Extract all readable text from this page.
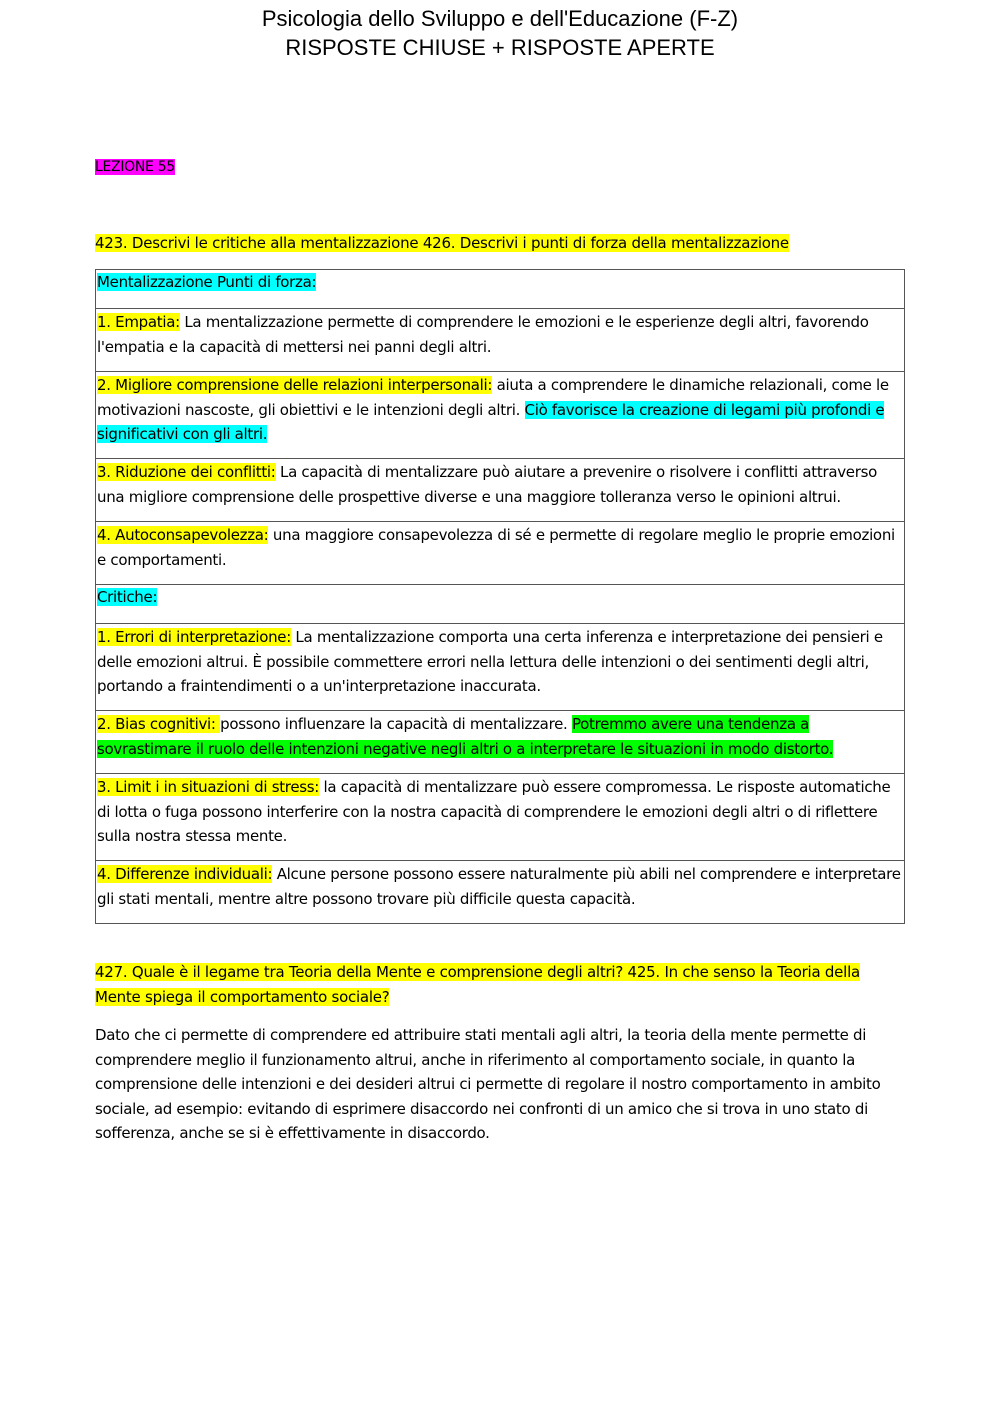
Psicologia dello Sviluppo e dell'Educazione (F-Z)
RISPOSTE CHIUSE + RISPOSTE APERTE
LEZIONE 55
423. Descrivi le critiche alla mentalizzazione 426. Descrivi i punti di forza della mentalizzazione
Mentalizzazione Punti di forza:
1. Empatia: La mentalizzazione permette di comprendere le emozioni e le esperienze degli altri, favorendo l'empatia e la capacità di mettersi nei panni degli altri.
2. Migliore comprensione delle relazioni interpersonali: aiuta a comprendere le dinamiche relazionali, come le motivazioni nascoste, gli obiettivi e le intenzioni degli altri. Ciò favorisce la creazione di legami più profondi e significativi con gli altri.
3. Riduzione dei conflitti: La capacità di mentalizzare può aiutare a prevenire o risolvere i conflitti attraverso una migliore comprensione delle prospettive diverse e una maggiore tolleranza verso le opinioni altrui.
4. Autoconsapevolezza: una maggiore consapevolezza di sé e permette di regolare meglio le proprie emozioni e comportamenti.
Critiche:
1. Errori di interpretazione: La mentalizzazione comporta una certa inferenza e interpretazione dei pensieri e delle emozioni altrui. È possibile commettere errori nella lettura delle intenzioni o dei sentimenti degli altri, portando a fraintendimenti o a un'interpretazione inaccurata.
2. Bias cognitivi: possono influenzare la capacità di mentalizzare. Potremmo avere una tendenza a sovrastimare il ruolo delle intenzioni negative negli altri o a interpretare le situazioni in modo distorto.
3. Limit i in situazioni di stress: la capacità di mentalizzare può essere compromessa. Le risposte automatiche di lotta o fuga possono interferire con la nostra capacità di comprendere le emozioni degli altri o di riflettere sulla nostra stessa mente.
4. Differenze individuali: Alcune persone possono essere naturalmente più abili nel comprendere e interpretare gli stati mentali, mentre altre possono trovare più difficile questa capacità.
427. Quale è il legame tra Teoria della Mente e comprensione degli altri? 425. In che senso la Teoria della Mente spiega il comportamento sociale?
Dato che ci permette di comprendere ed attribuire stati mentali agli altri, la teoria della mente permette di comprendere meglio il funzionamento altrui, anche in riferimento al comportamento sociale, in quanto la comprensione delle intenzioni e dei desideri altrui ci permette di regolare il nostro comportamento in ambito sociale, ad esempio: evitando di esprimere disaccordo nei confronti di un amico che si trova in uno stato di sofferenza, anche se si è effettivamente in disaccordo.
